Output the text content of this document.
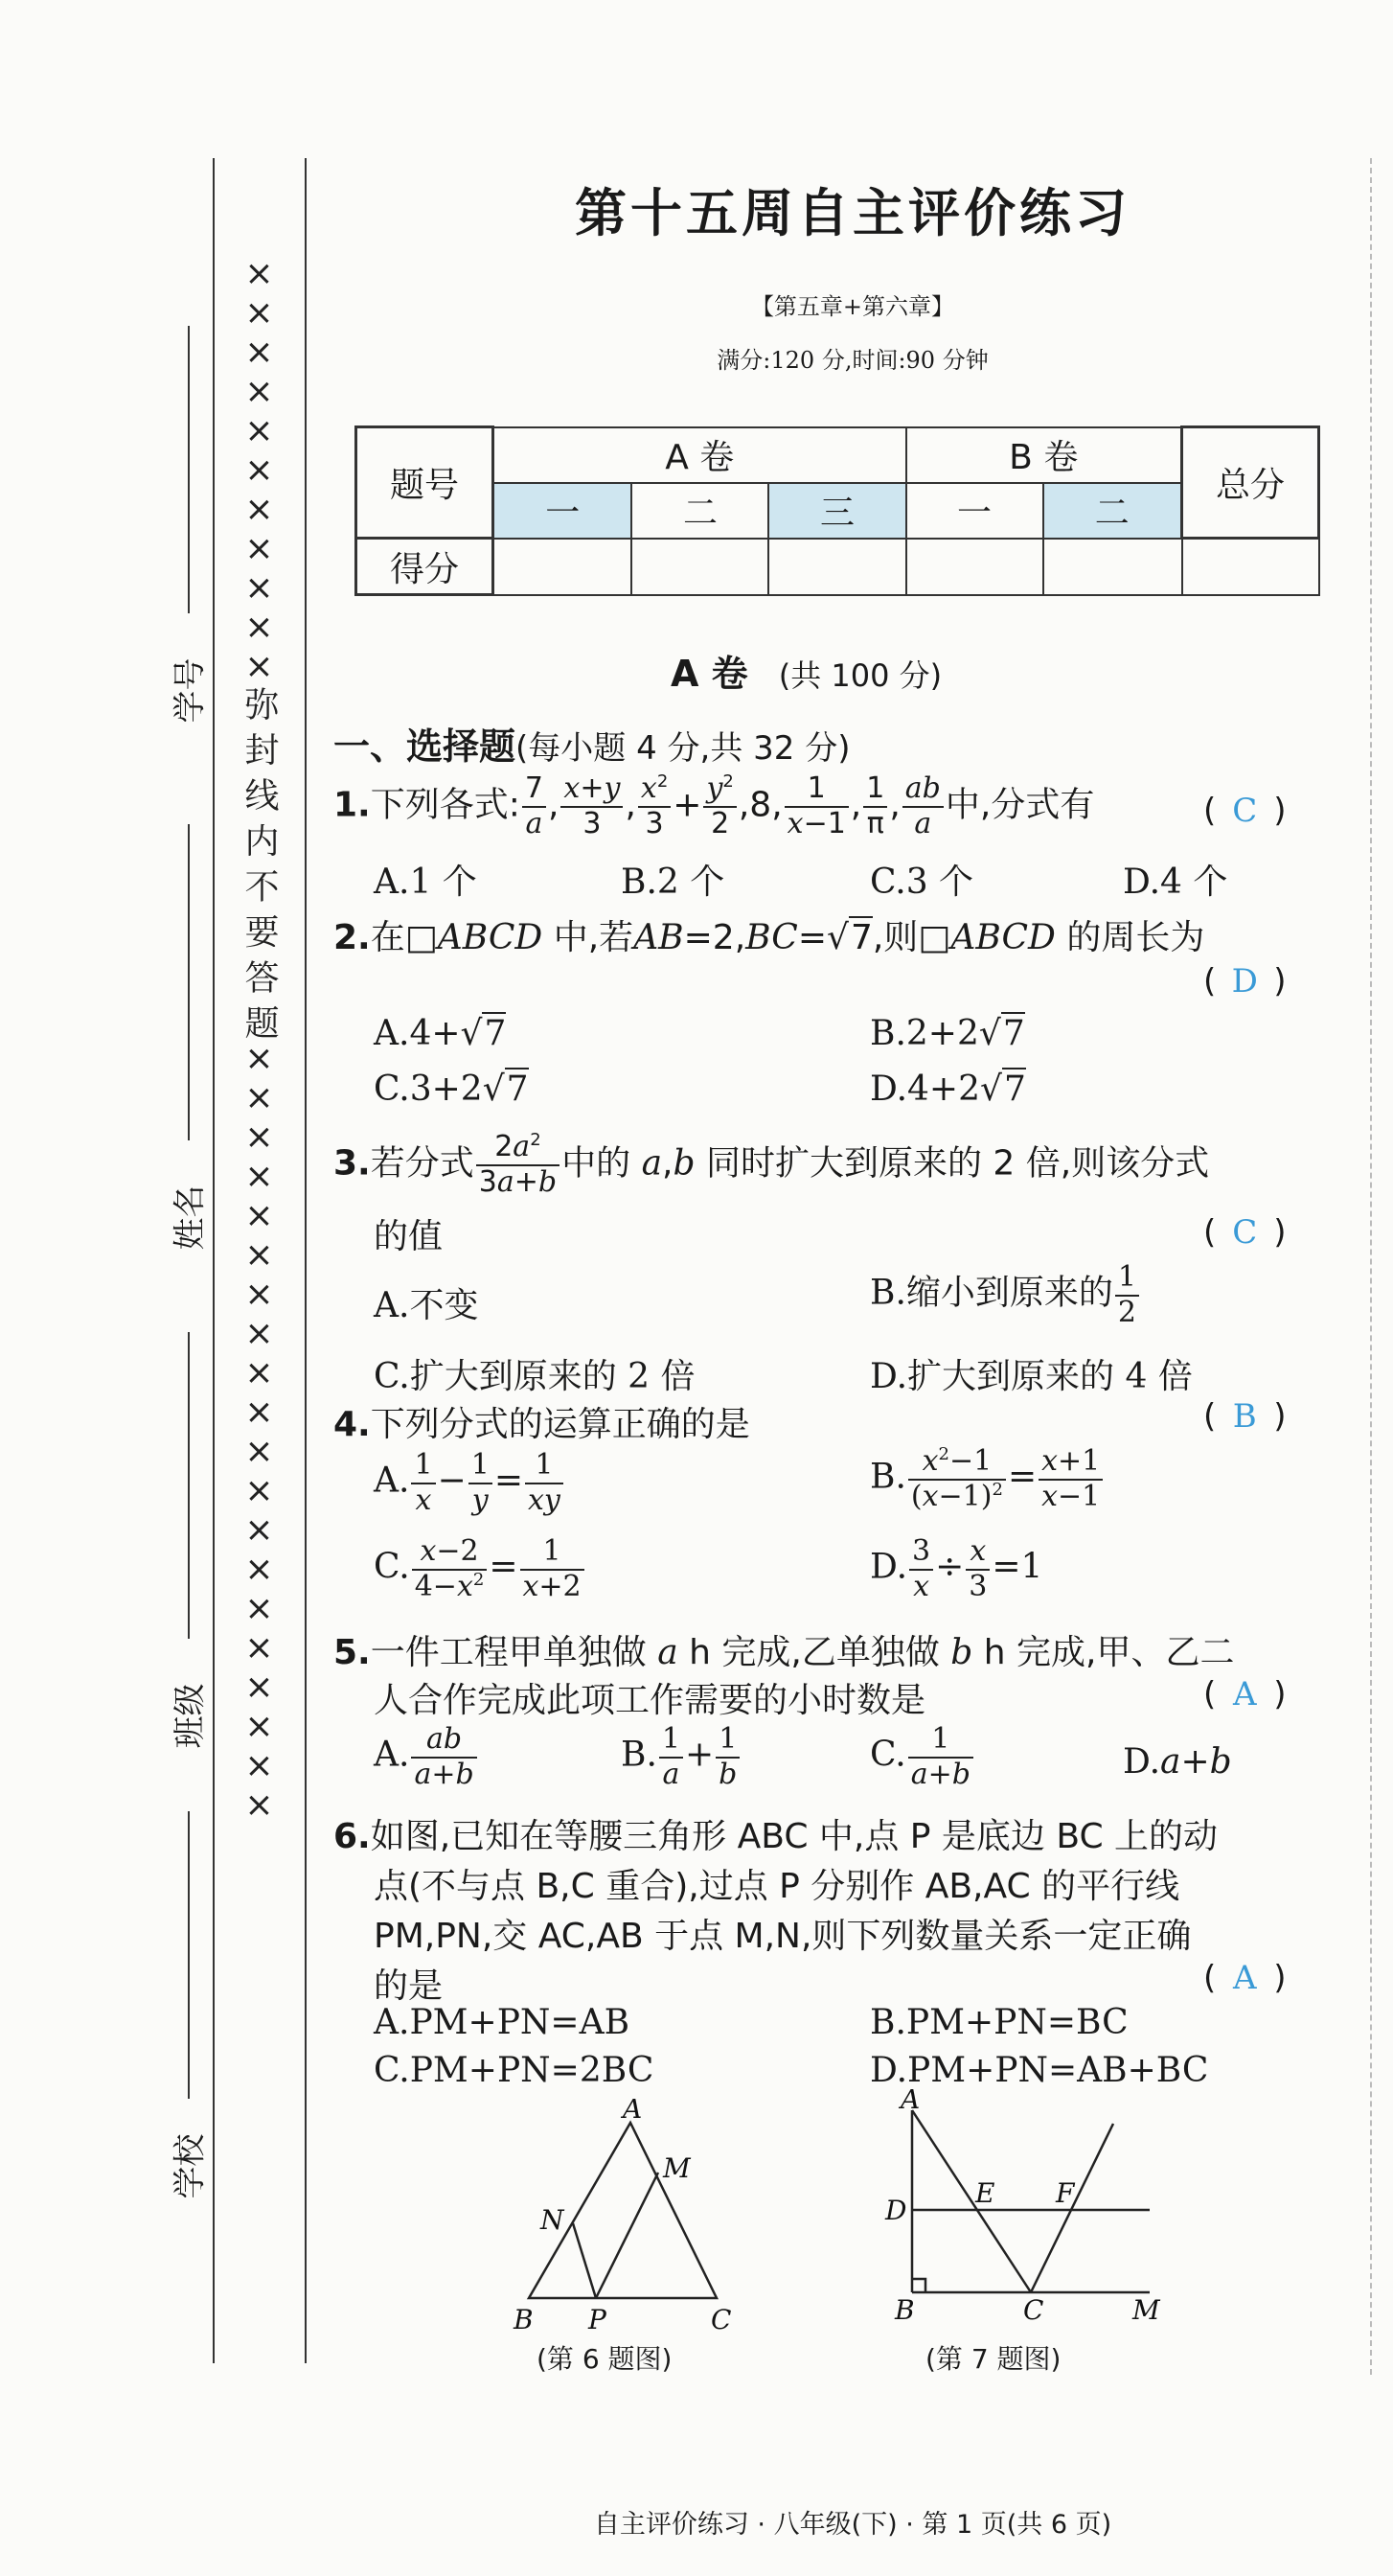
×××××××××××弥 封 线 内 不 要 答 题××××××××××××××××××××
学校
班级
姓名
学号
第十五周自主评价练习
【第五章+第六章】
满分:120 分,时间:90 分钟
题号	A 卷			B 卷		总分
	一	二	三	一	二	
得分						
A 卷 (共 100 分)
一、选择题(每小题 4 分,共 32 分)
1.下列各式: $\frac{7}{a}$ , $\frac{x+y}{3}$ , $\frac{x^2}{3} + \frac{y^2}{2} ,8$, $\frac{1}{x-1}$ , $\frac{1}{\pi}$ , $\frac{ab}{a}$ 中,分式有	( C )
A.1 个	B.2 个	C.3 个	D.4 个
2.在□ABCD 中,若AB=2,BC=√7,则□ABCD 的周长为
( D )
A.4+√7	B.2+2√7
C.3+2√7	D.4+2√7
3.若分式 $\frac{2a^2}{3a+b}$ 中的 a,b 同时扩大到原来的 2 倍,则该分式
的值	( C )
A.不变	B.缩小到原来的 $\frac{1}{2}$
C.扩大到原来的 2 倍	D.扩大到原来的 4 倍
4.下列分式的运算正确的是	( B )
A. $\frac{1}{x} - \frac{1}{y} = \frac{1}{xy}$	B. $\frac{x^2-1}{(x-1)^2} = \frac{x+1}{x-1}$
C. $\frac{x-2}{4-x^2} = \frac{1}{x+2}$	D. $\frac{3}{x} \div \frac{x}{3} =1$
5.一件工程甲单独做 a h 完成,乙单独做 b h 完成,甲、乙二
人合作完成此项工作需要的小时数是	( A )
A. $\frac{ab}{a+b}$	B. $\frac{1}{a} + \frac{1}{b}$	C. $\frac{1}{a+b}$	D.a+b
6.如图,已知在等腰三角形 ABC 中,点 P 是底边 BC 上的动
点(不与点 B,C 重合),过点 P 分别作 AB,AC 的平行线
PM,PN,交 AC,AB 于点 M,N,则下列数量关系一定正确
的是	( A )
A.PM+PN=AB	B.PM+PN=BC
C.PM+PN=2BC	D.PM+PN=AB+BC
A
M
N
B P	C
(第 6 题图)
A
D
E F
B	C	M
(第 7 题图)
自主评价练习 · 八年级(下) · 第 1 页(共 6 页)
